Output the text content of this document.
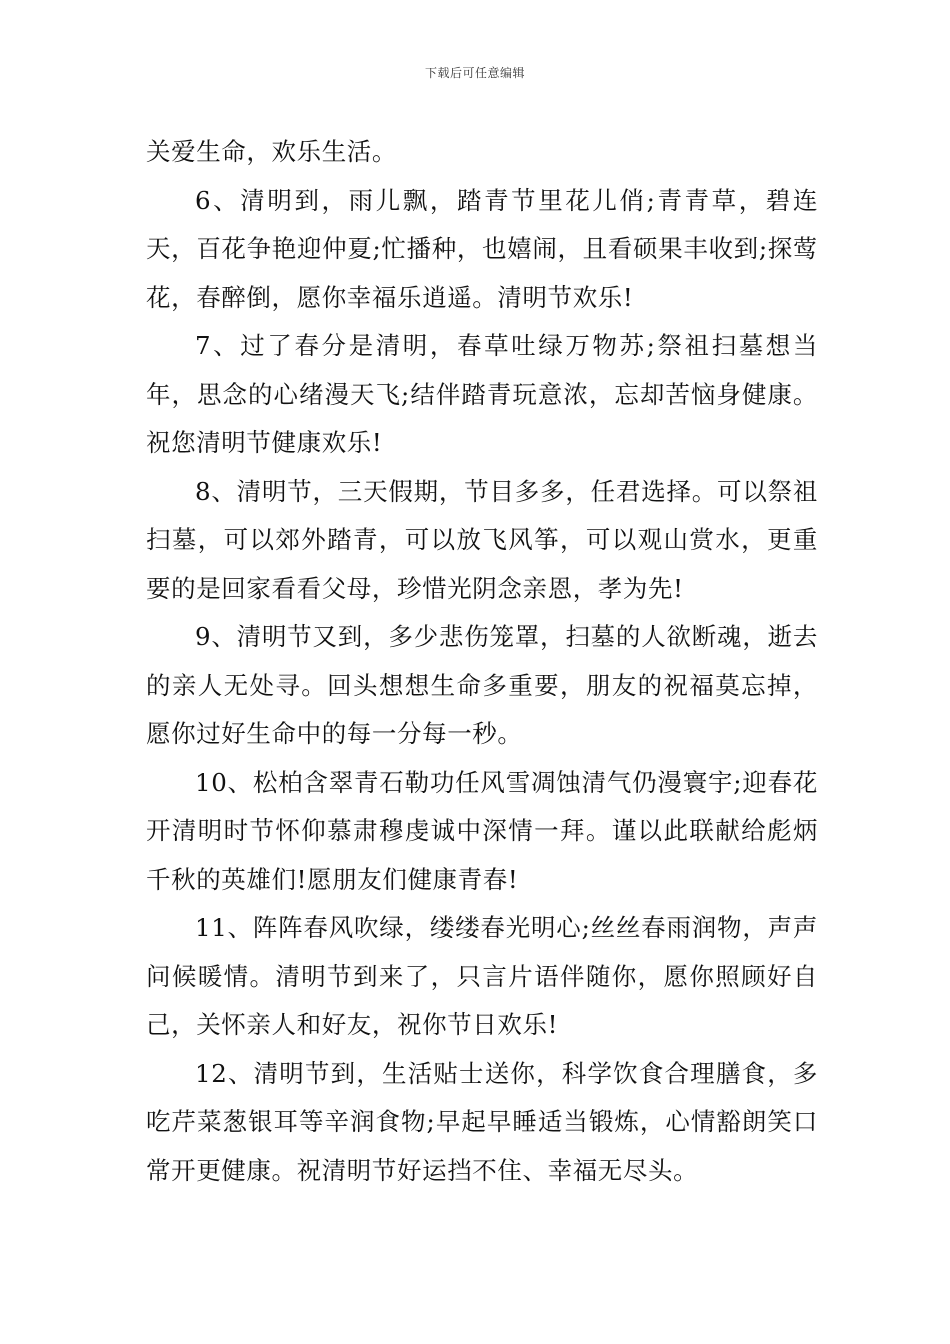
下载后可任意编辑

关爱生命，欢乐生活。

6、清明到，雨儿飘，踏青节里花儿俏;青青草，碧连天，百花争艳迎仲夏;忙播种，也嬉闹，且看硕果丰收到;探莺花，春醉倒，愿你幸福乐逍遥。清明节欢乐!

7、过了春分是清明，春草吐绿万物苏;祭祖扫墓想当年，思念的心绪漫天飞;结伴踏青玩意浓，忘却苦恼身健康。祝您清明节健康欢乐!

8、清明节，三天假期，节目多多，任君选择。可以祭祖扫墓，可以郊外踏青，可以放飞风筝，可以观山赏水，更重要的是回家看看父母，珍惜光阴念亲恩，孝为先!

9、清明节又到，多少悲伤笼罩，扫墓的人欲断魂，逝去的亲人无处寻。回头想想生命多重要，朋友的祝福莫忘掉，愿你过好生命中的每一分每一秒。

10、松柏含翠青石勒功任风雪凋蚀清气仍漫寰宇;迎春花开清明时节怀仰慕肃穆虔诚中深情一拜。谨以此联献给彪炳千秋的英雄们!愿朋友们健康青春!

11、阵阵春风吹绿，缕缕春光明心;丝丝春雨润物，声声问候暖情。清明节到来了，只言片语伴随你，愿你照顾好自己，关怀亲人和好友，祝你节日欢乐!

12、清明节到，生活贴士送你，科学饮食合理膳食，多吃芹菜葱银耳等辛润食物;早起早睡适当锻炼，心情豁朗笑口常开更健康。祝清明节好运挡不住、幸福无尽头。
